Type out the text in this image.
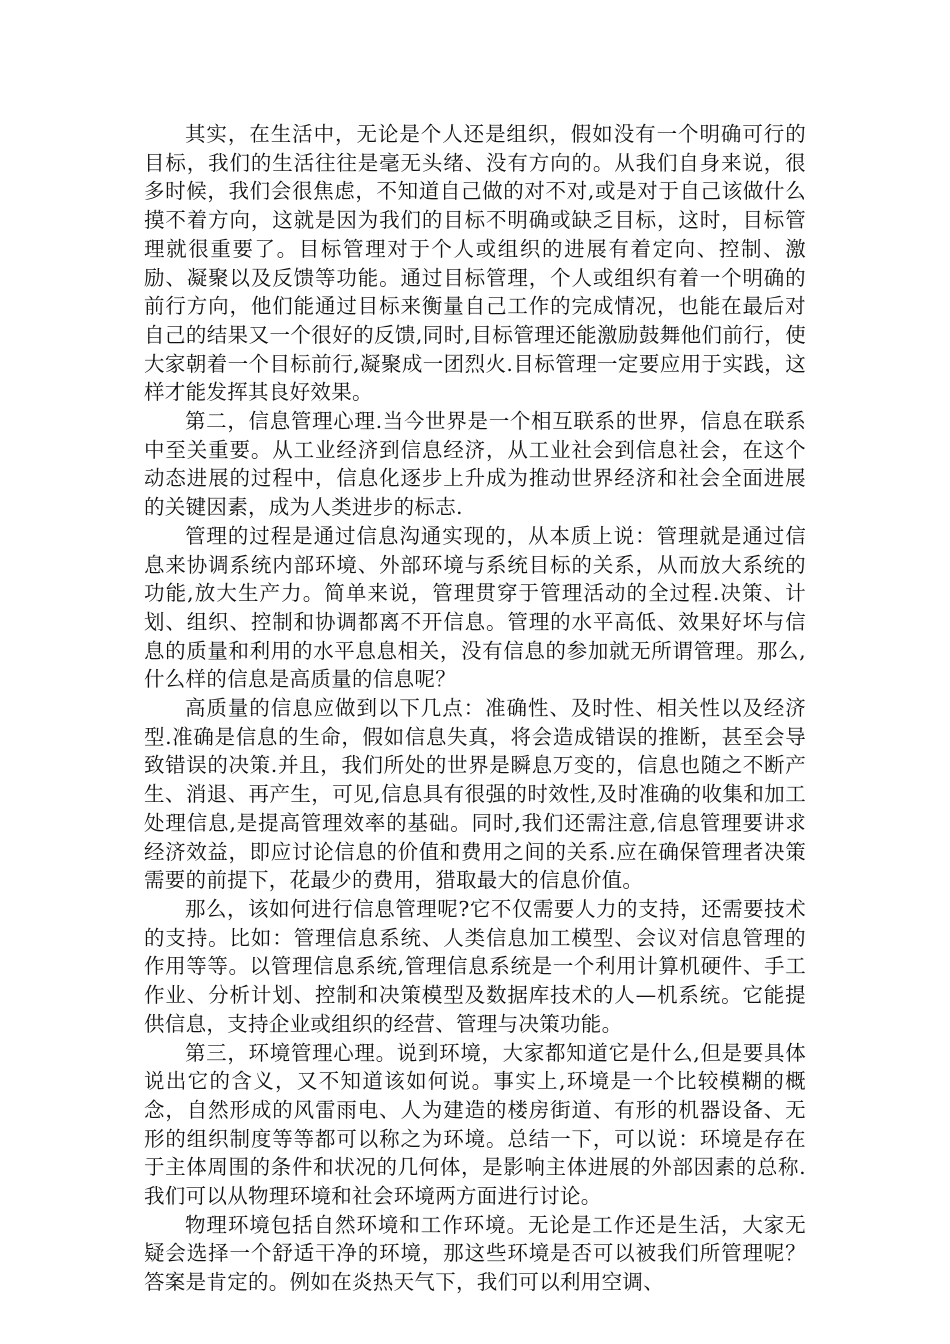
其实，在生活中，无论是个人还是组织，假如没有一个明确可行的目标，我们的生活往往是毫无头绪、没有方向的。从我们自身来说，很多时候，我们会很焦虑，不知道自己做的对不对,或是对于自己该做什么摸不着方向，这就是因为我们的目标不明确或缺乏目标，这时，目标管理就很重要了。目标管理对于个人或组织的进展有着定向、控制、激励、凝聚以及反馈等功能。通过目标管理，个人或组织有着一个明确的前行方向，他们能通过目标来衡量自己工作的完成情况，也能在最后对自己的结果又一个很好的反馈,同时,目标管理还能激励鼓舞他们前行，使大家朝着一个目标前行,凝聚成一团烈火.目标管理一定要应用于实践，这样才能发挥其良好效果。

第二，信息管理心理.当今世界是一个相互联系的世界，信息在联系中至关重要。从工业经济到信息经济，从工业社会到信息社会，在这个动态进展的过程中，信息化逐步上升成为推动世界经济和社会全面进展的关键因素，成为人类进步的标志.

管理的过程是通过信息沟通实现的，从本质上说：管理就是通过信息来协调系统内部环境、外部环境与系统目标的关系，从而放大系统的功能,放大生产力。简单来说，管理贯穿于管理活动的全过程.决策、计划、组织、控制和协调都离不开信息。管理的水平高低、效果好坏与信息的质量和利用的水平息息相关，没有信息的参加就无所谓管理。那么,什么样的信息是高质量的信息呢？

高质量的信息应做到以下几点：准确性、及时性、相关性以及经济型.准确是信息的生命，假如信息失真，将会造成错误的推断，甚至会导致错误的决策.并且，我们所处的世界是瞬息万变的，信息也随之不断产生、消退、再产生，可见,信息具有很强的时效性,及时准确的收集和加工处理信息,是提高管理效率的基础。同时,我们还需注意,信息管理要讲求经济效益，即应讨论信息的价值和费用之间的关系.应在确保管理者决策需要的前提下，花最少的费用，猎取最大的信息价值。

那么，该如何进行信息管理呢?它不仅需要人力的支持，还需要技术的支持。比如：管理信息系统、人类信息加工模型、会议对信息管理的作用等等。以管理信息系统,管理信息系统是一个利用计算机硬件、手工作业、分析计划、控制和决策模型及数据库技术的人—机系统。它能提供信息，支持企业或组织的经营、管理与决策功能。

第三，环境管理心理。说到环境，大家都知道它是什么,但是要具体说出它的含义，又不知道该如何说。事实上,环境是一个比较模糊的概念，自然形成的风雷雨电、人为建造的楼房街道、有形的机器设备、无形的组织制度等等都可以称之为环境。总结一下，可以说：环境是存在于主体周围的条件和状况的几何体，是影响主体进展的外部因素的总称.我们可以从物理环境和社会环境两方面进行讨论。

物理环境包括自然环境和工作环境。无论是工作还是生活，大家无疑会选择一个舒适干净的环境，那这些环境是否可以被我们所管理呢？答案是肯定的。例如在炎热天气下，我们可以利用空调、
